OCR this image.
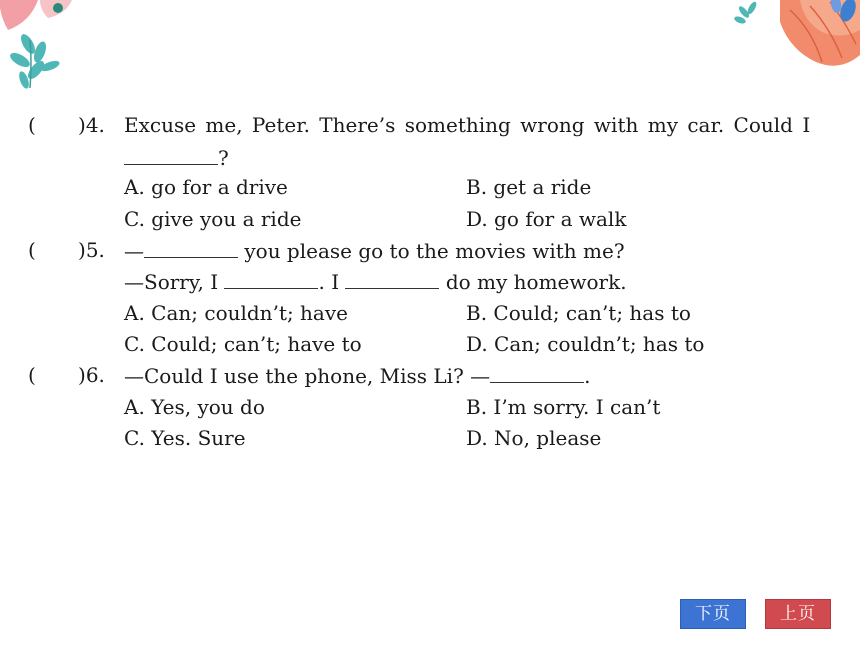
( )4. Excuse me, Peter. There’s something wrong with my car. Could I
?
A. go for a drive	B. get a ride
C. give you a ride	D. go for a walk
( )5. —	you please go to the movies with me?
—Sorry, I	. I	do my homework.
A. Can; couldn’t; have	B. Could; can’t; has to
C. Could; can’t; have to	D. Can; couldn’t; has to
( )6. —Could I use the phone, Miss Li? —	.
A. Yes, you do	B. I’m sorry. I can’t
C. Yes. Sure	D. No, please
下页	上页
